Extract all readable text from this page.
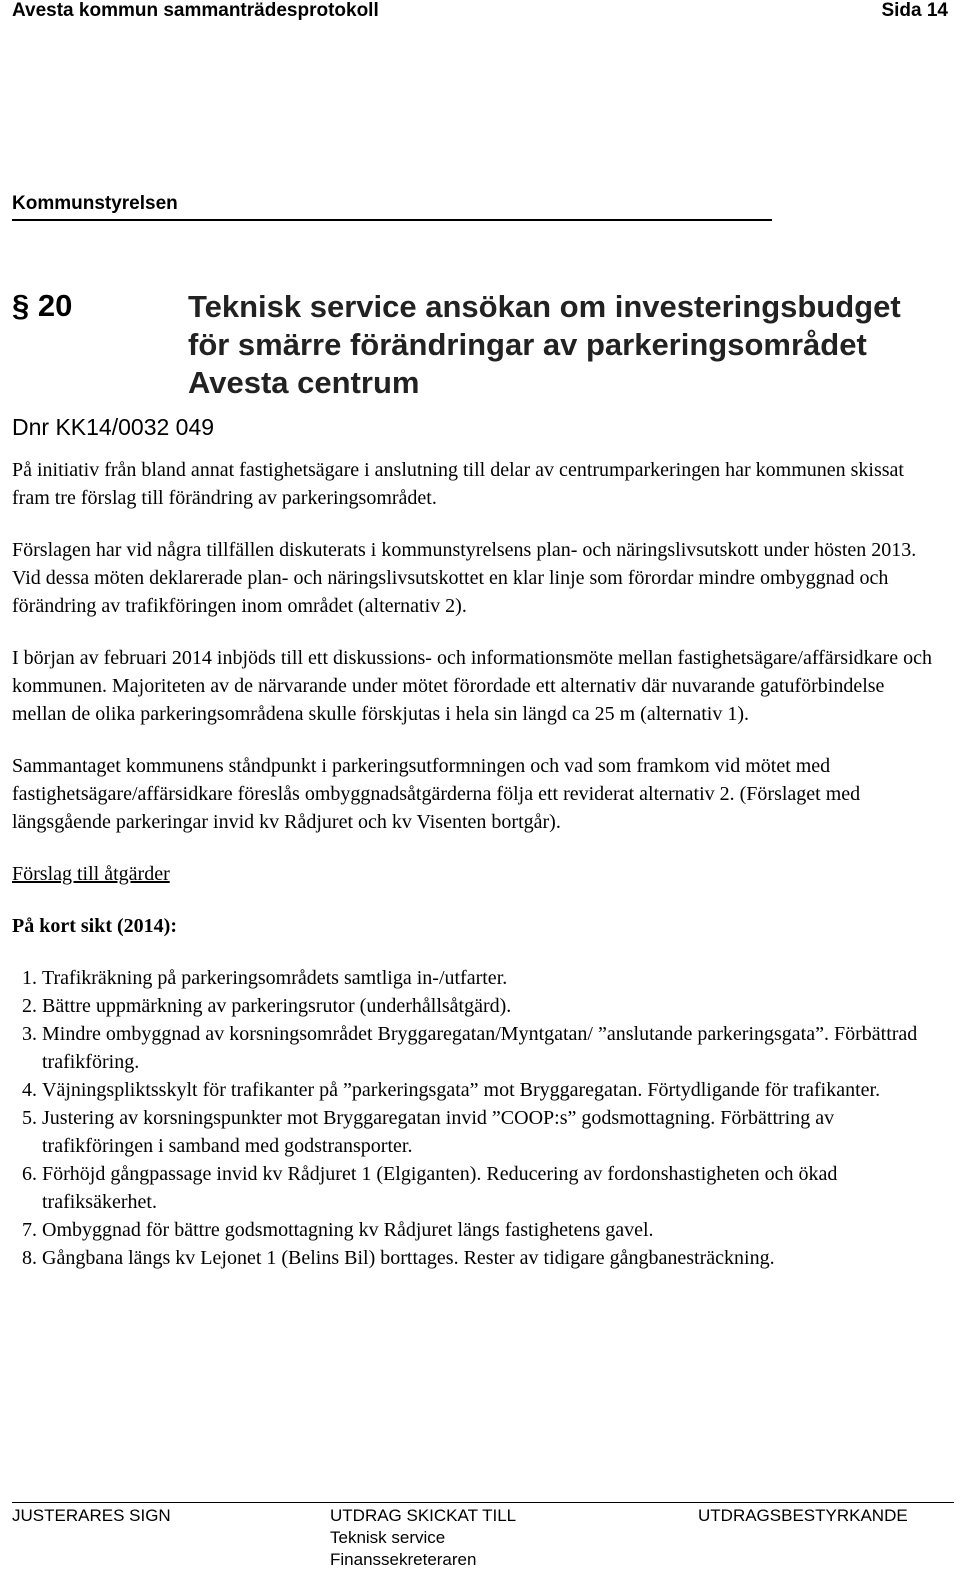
Avesta kommun sammanträdesprotokoll	Sida 14
Kommunstyrelsen
§ 20	Teknisk service ansökan om investeringsbudget för smärre förändringar av parkeringsområdet Avesta centrum
Dnr KK14/0032 049

På initiativ från bland annat fastighetsägare i anslutning till delar av centrumparkeringen har kommunen skissat fram tre förslag till förändring av parkeringsområdet.

Förslagen har vid några tillfällen diskuterats i kommunstyrelsens plan- och näringslivsutskott under hösten 2013. Vid dessa möten deklarerade plan- och näringslivsutskottet en klar linje som förordar mindre ombyggnad och förändring av trafikföringen inom området (alternativ 2).

I början av februari 2014 inbjöds till ett diskussions- och informationsmöte mellan fastighetsägare/affärsidkare och kommunen. Majoriteten av de närvarande under mötet förordade ett alternativ där nuvarande gatuförbindelse mellan de olika parkeringsområdena skulle förskjutas i hela sin längd ca 25 m (alternativ 1).

Sammantaget kommunens ståndpunkt i parkeringsutformningen och vad som framkom vid mötet med fastighetsägare/affärsidkare föreslås ombyggnadsåtgärderna följa ett reviderat alternativ 2. (Förslaget med längsgående parkeringar invid kv Rådjuret och kv Visenten bortgår).

Förslag till åtgärder

På kort sikt (2014):

1. Trafikräkning på parkeringsområdets samtliga in-/utfarter.
2. Bättre uppmärkning av parkeringsrutor (underhållsåtgärd).
3. Mindre ombyggnad av korsningsområdet Bryggaregatan/Myntgatan/ ”anslutande parkeringsgata”. Förbättrad trafikföring.
4. Väjningspliktsskylt för trafikanter på ”parkeringsgata” mot Bryggaregatan. Förtydligande för trafikanter.
5. Justering av korsningspunkter mot Bryggaregatan invid ”COOP:s” godsmottagning. Förbättring av trafikföringen i samband med godstransporter.
6. Förhöjd gångpassage invid kv Rådjuret 1 (Elgiganten). Reducering av fordonshastigheten och ökad trafiksäkerhet.
7. Ombyggnad för bättre godsmottagning kv Rådjuret längs fastighetens gavel.
8. Gångbana längs kv Lejonet 1 (Belins Bil) borttages. Rester av tidigare gångbanesträckning.
JUSTERARES SIGN	UTDRAG SKICKAT TILL
Teknisk service
Finanssekreteraren
UTDRAGSBESTYRKANDE
